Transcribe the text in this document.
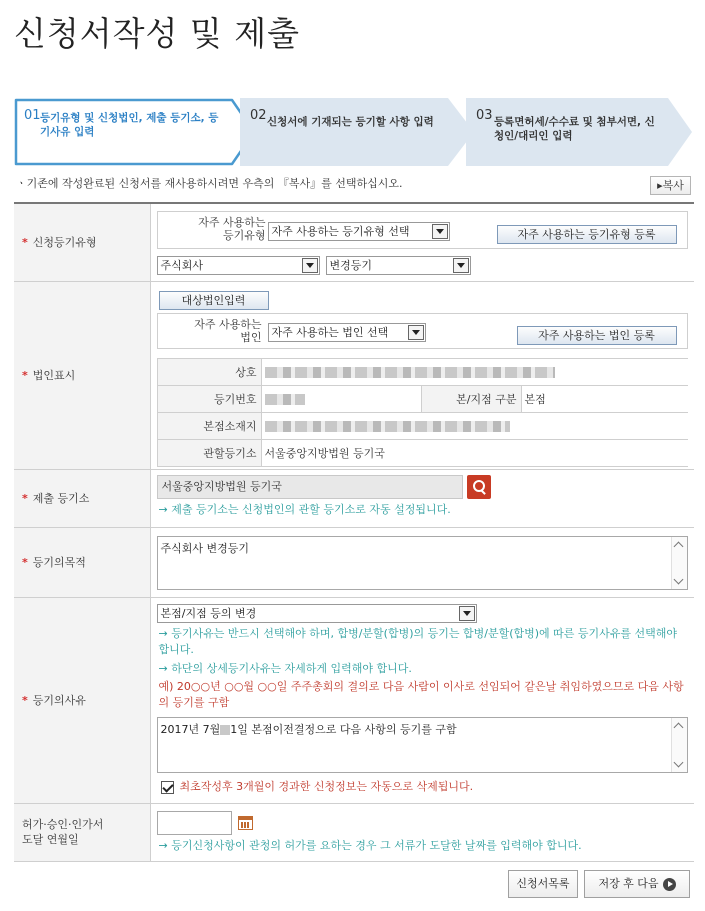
신청서작성 및 제출
01 등기유형 및 신청법인, 제출 등기소, 등기사유 입력
02 신청서에 기재되는 등기할 사항 입력	03 등록면허세/수수료 및 첨부서면, 신청인/대리인 입력
ㆍ기존에 작성완료된 신청서를 재사용하시려면 우측의 『복사』를 선택하십시오.	▸복사
* 신청등기유형	
자주 사용하는
등기유형 자주 사용하는 등기유형 선택	자주 사용하는 등기유형 등록
주식회사	변경등기

* 법인표시	
대상법인입력
자주 사용하는
법인 자주 사용하는 법인 선택	자주 사용하는 법인 등록
상호	
등기번호		본/지점 구분	본점
본점소재지	
관할등기소	서울중앙지방법원 등기국

* 제출 등기소	
서울중앙지방법원 등기국
→ 제출 등기소는 신청법인의 관할 등기소로 자동 설정됩니다.

* 등기의목적	
주식회사 변경등기

* 등기의사유	
본점/지점 등의 변경
→ 등기사유는 반드시 선택해야 하며, 합병/분할(합병)의 등기는 합병/분할(합병)에 따른 등기사유를 선택해야 합니다.
→ 하단의 상세등기사유는 자세하게 입력해야 합니다.
예) 20○○년 ○○월 ○○일 주주총회의 결의로 다음 사람이 이사로 선임되어 같은날 취임하였으므로 다음 사항의 등기를 구함
2017년 7월 1일 본점이전결정으로 다음 사항의 등기를 구함
최초작성후 3개월이 경과한 신청정보는 자동으로 삭제됩니다.

허가·승인·인가서
도달 연월일	→ 등기신청사항이 관청의 허가를 요하는 경우 그 서류가 도달한 날짜를 입력해야 합니다.
신청서목록	저장 후 다음
